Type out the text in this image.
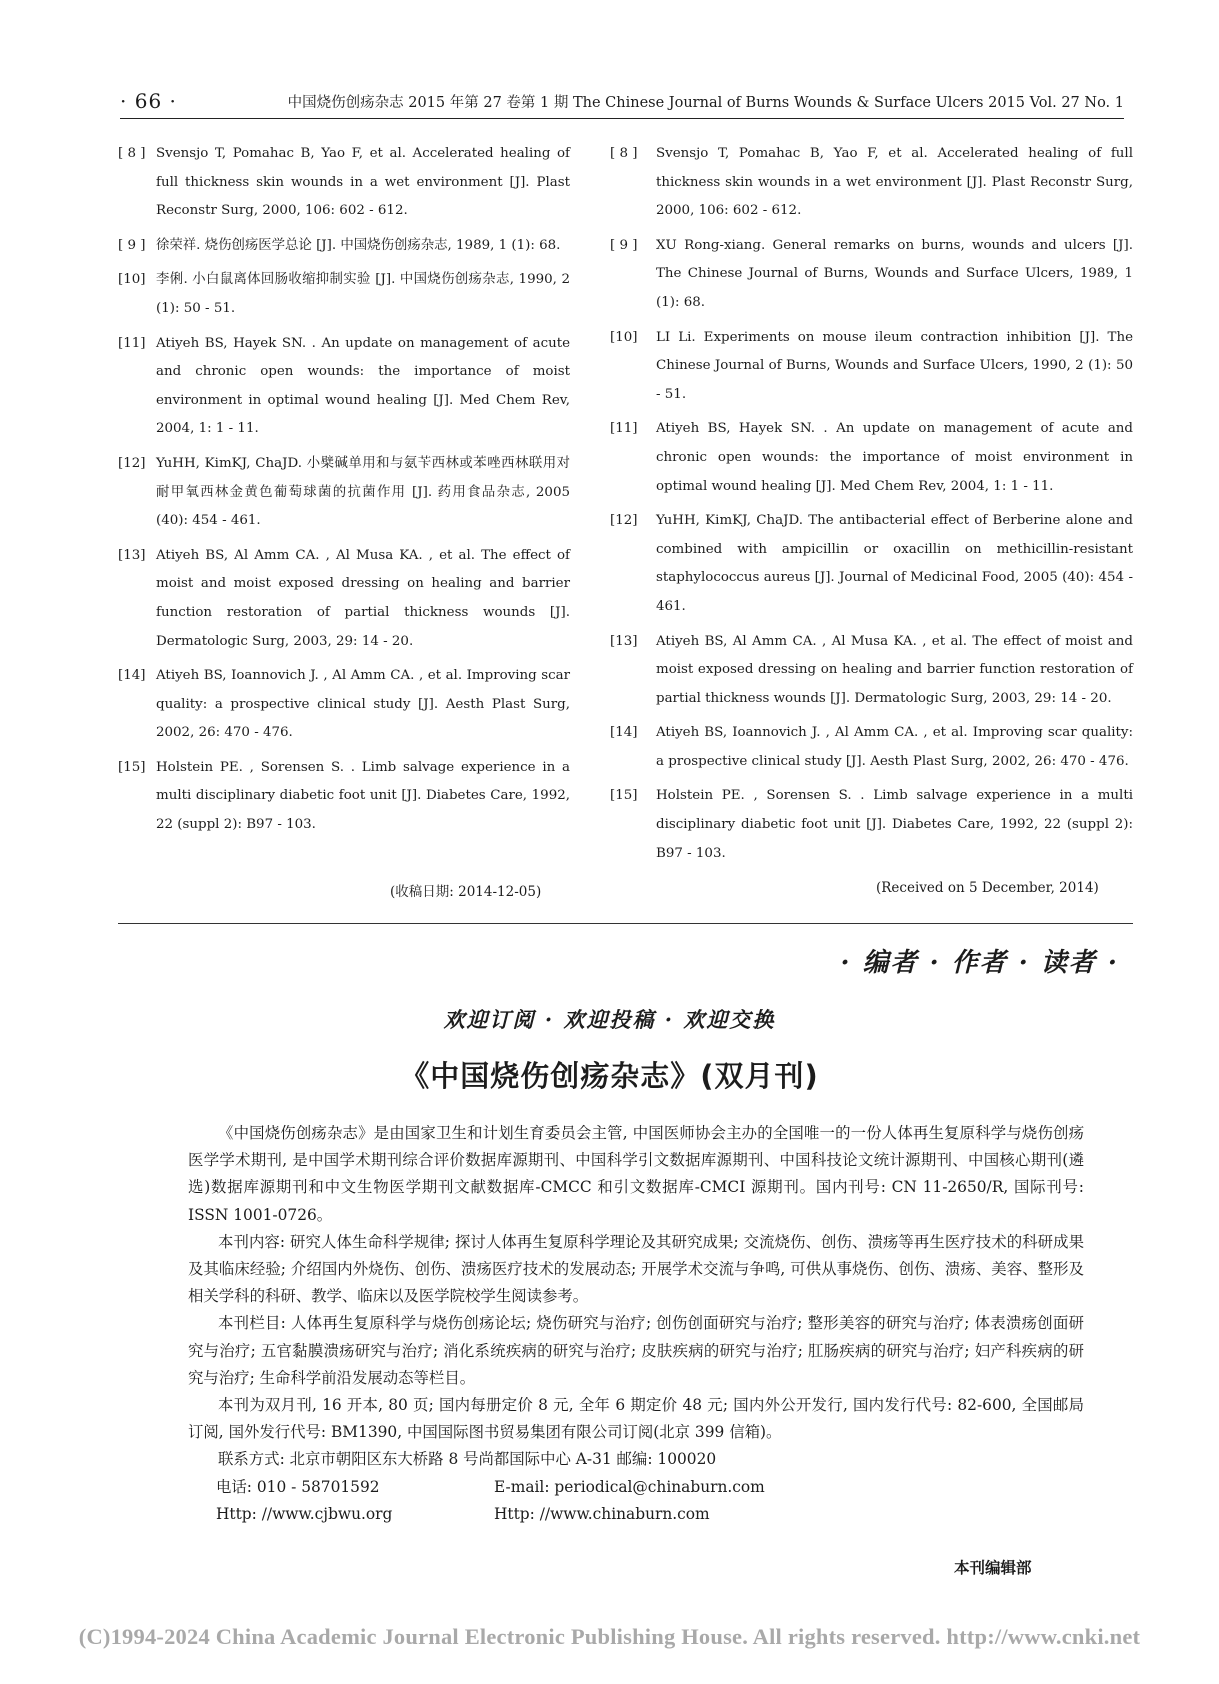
· 66 ·	中国烧伤创疡杂志 2015 年第 27 卷第 1 期 The Chinese Journal of Burns Wounds & Surface Ulcers 2015 Vol. 27 No. 1
[ 8 ] Svensjo T, Pomahac B, Yao F, et al. Accelerated healing of full thickness skin wounds in a wet environment [J]. Plast Reconstr Surg, 2000, 106: 602 - 612.
[ 9 ] 徐荣祥. 烧伤创疡医学总论 [J]. 中国烧伤创疡杂志, 1989, 1 (1): 68.
[10] 李俐. 小白鼠离体回肠收缩抑制实验 [J]. 中国烧伤创疡杂志, 1990, 2 (1): 50 - 51.
[11] Atiyeh BS, Hayek SN. . An update on management of acute and chronic open wounds: the importance of moist environment in optimal wound healing [J]. Med Chem Rev, 2004, 1: 1 - 11.
[12] YuHH, KimKJ, ChaJD. 小檗碱单用和与氨苄西林或苯唑西林联用对耐甲氧西林金黄色葡萄球菌的抗菌作用 [J]. 药用食品杂志, 2005 (40): 454 - 461.
[13] Atiyeh BS, Al Amm CA. , Al Musa KA. , et al. The effect of moist and moist exposed dressing on healing and barrier function restoration of partial thickness wounds [J]. Dermatologic Surg, 2003, 29: 14 - 20.
[14] Atiyeh BS, Ioannovich J. , Al Amm CA. , et al. Improving scar quality: a prospective clinical study [J]. Aesth Plast Surg, 2002, 26: 470 - 476.
[15] Holstein PE. , Sorensen S. . Limb salvage experience in a multi disciplinary diabetic foot unit [J]. Diabetes Care, 1992, 22 (suppl 2): B97 - 103.
[ 8 ]	Svensjo T, Pomahac B, Yao F, et al. Accelerated healing of full thickness skin wounds in a wet environment [J]. Plast Reconstr Surg, 2000, 106: 602 - 612.
[ 9 ]	XU Rong-xiang. General remarks on burns, wounds and ulcers [J]. The Chinese Journal of Burns, Wounds and Surface Ulcers, 1989, 1 (1): 68.
[10]	LI Li. Experiments on mouse ileum contraction inhibition [J]. The Chinese Journal of Burns, Wounds and Surface Ulcers, 1990, 2 (1): 50 - 51.
[11]	Atiyeh BS, Hayek SN. . An update on management of acute and chronic open wounds: the importance of moist environment in optimal wound healing [J]. Med Chem Rev, 2004, 1: 1 - 11.
[12]	YuHH, KimKJ, ChaJD. The antibacterial effect of Berberine alone and combined with ampicillin or oxacillin on methicillin-resistant staphylococcus aureus [J]. Journal of Medicinal Food, 2005 (40): 454 - 461.
[13]	Atiyeh BS, Al Amm CA. , Al Musa KA. , et al. The effect of moist and moist exposed dressing on healing and barrier function restoration of partial thickness wounds [J]. Dermatologic Surg, 2003, 29: 14 - 20.
[14]	Atiyeh BS, Ioannovich J. , Al Amm CA. , et al. Improving scar quality: a prospective clinical study [J]. Aesth Plast Surg, 2002, 26: 470 - 476.
[15]	Holstein PE. , Sorensen S. . Limb salvage experience in a multi disciplinary diabetic foot unit [J]. Diabetes Care, 1992, 22 (suppl 2): B97 - 103.
(收稿日期: 2014-12-05)	(Received on 5 December, 2014)
· 编者 · 作者 · 读者 ·
欢迎订阅 · 欢迎投稿 · 欢迎交换
《中国烧伤创疡杂志》(双月刊)

《中国烧伤创疡杂志》是由国家卫生和计划生育委员会主管, 中国医师协会主办的全国唯一的一份人体再生复原科学与烧伤创疡医学学术期刊, 是中国学术期刊综合评价数据库源期刊、中国科学引文数据库源期刊、中国科技论文统计源期刊、中国核心期刊(遴选)数据库源期刊和中文生物医学期刊文献数据库-CMCC 和引文数据库-CMCI 源期刊。国内刊号: CN 11-2650/R, 国际刊号: ISSN 1001-0726。

本刊内容: 研究人体生命科学规律; 探讨人体再生复原科学理论及其研究成果; 交流烧伤、创伤、溃疡等再生医疗技术的科研成果及其临床经验; 介绍国内外烧伤、创伤、溃疡医疗技术的发展动态; 开展学术交流与争鸣, 可供从事烧伤、创伤、溃疡、美容、整形及相关学科的科研、教学、临床以及医学院校学生阅读参考。

本刊栏目: 人体再生复原科学与烧伤创疡论坛; 烧伤研究与治疗; 创伤创面研究与治疗; 整形美容的研究与治疗; 体表溃疡创面研究与治疗; 五官黏膜溃疡研究与治疗; 消化系统疾病的研究与治疗; 皮肤疾病的研究与治疗; 肛肠疾病的研究与治疗; 妇产科疾病的研究与治疗; 生命科学前沿发展动态等栏目。

本刊为双月刊, 16 开本, 80 页; 国内每册定价 8 元, 全年 6 期定价 48 元; 国内外公开发行, 国内发行代号: 82-600, 全国邮局订阅, 国外发行代号: BM1390, 中国国际图书贸易集团有限公司订阅(北京 399 信箱)。

联系方式: 北京市朝阳区东大桥路 8 号尚都国际中心 A-31 邮编: 100020

电话: 010 - 58701592	E-mail: periodical@chinaburn.com
Http: //www.cjbwu.org	Http: //www.chinaburn.com
本刊编辑部
(C)1994-2024 China Academic Journal Electronic Publishing House. All rights reserved. http://www.cnki.net
